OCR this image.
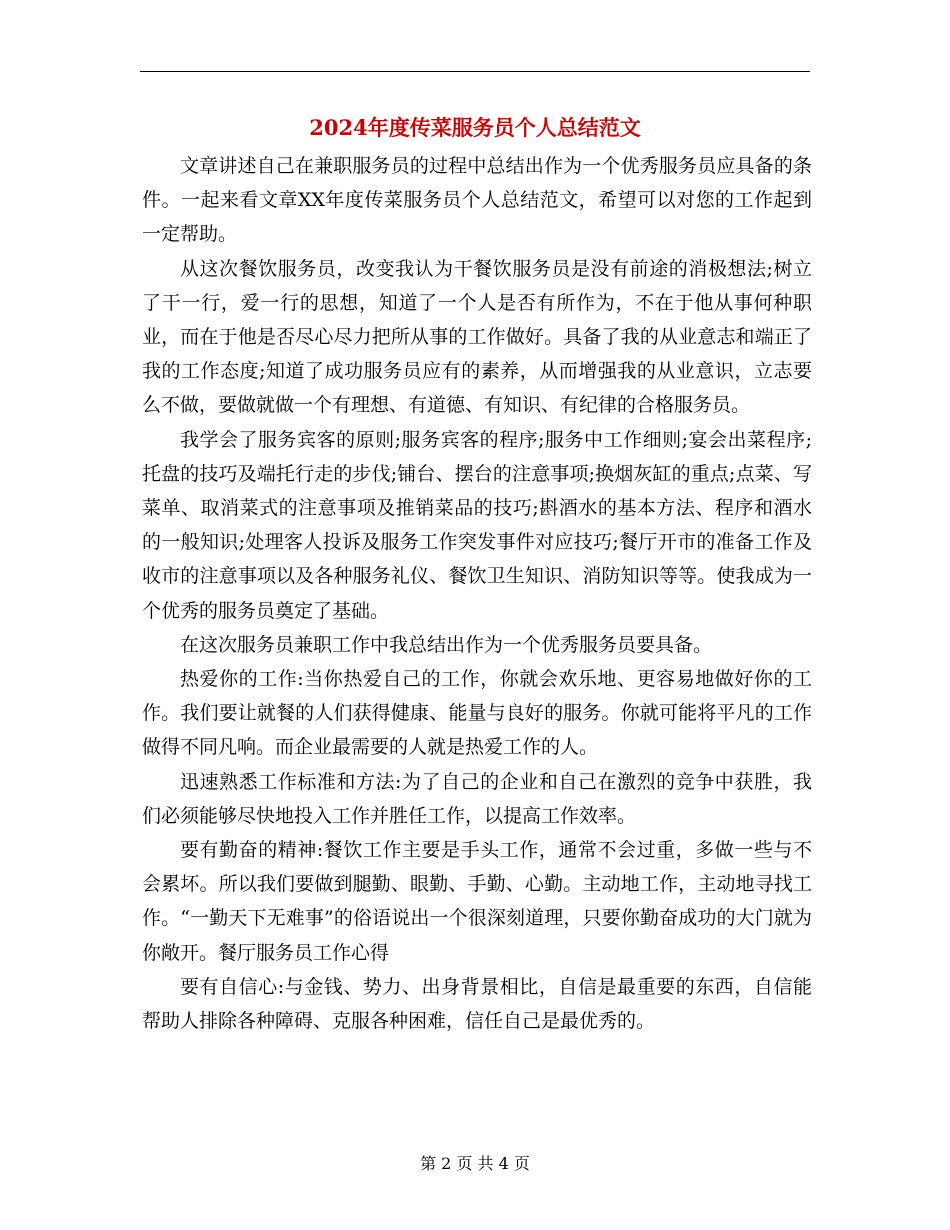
2024年度传菜服务员个人总结范文

文章讲述自己在兼职服务员的过程中总结出作为一个优秀服务员应具备的条件。一起来看文章XX年度传菜服务员个人总结范文，希望可以对您的工作起到一定帮助。

从这次餐饮服务员，改变我认为干餐饮服务员是没有前途的消极想法;树立了干一行，爱一行的思想，知道了一个人是否有所作为，不在于他从事何种职业，而在于他是否尽心尽力把所从事的工作做好。具备了我的从业意志和端正了我的工作态度;知道了成功服务员应有的素养，从而增强我的从业意识，立志要么不做，要做就做一个有理想、有道德、有知识、有纪律的合格服务员。

我学会了服务宾客的原则;服务宾客的程序;服务中工作细则;宴会出菜程序;托盘的技巧及端托行走的步伐;铺台、摆台的注意事项;换烟灰缸的重点;点菜、写菜单、取消菜式的注意事项及推销菜品的技巧;斟酒水的基本方法、程序和酒水的一般知识;处理客人投诉及服务工作突发事件对应技巧;餐厅开市的准备工作及收市的注意事项以及各种服务礼仪、餐饮卫生知识、消防知识等等。使我成为一个优秀的服务员奠定了基础。

在这次服务员兼职工作中我总结出作为一个优秀服务员要具备。

热爱你的工作:当你热爱自己的工作，你就会欢乐地、更容易地做好你的工作。我们要让就餐的人们获得健康、能量与良好的服务。你就可能将平凡的工作做得不同凡响。而企业最需要的人就是热爱工作的人。

迅速熟悉工作标准和方法:为了自己的企业和自己在激烈的竞争中获胜，我们必须能够尽快地投入工作并胜任工作，以提高工作效率。

要有勤奋的精神:餐饮工作主要是手头工作，通常不会过重，多做一些与不会累坏。所以我们要做到腿勤、眼勤、手勤、心勤。主动地工作，主动地寻找工作。“一勤天下无难事”的俗语说出一个很深刻道理，只要你勤奋成功的大门就为你敞开。餐厅服务员工作心得

要有自信心:与金钱、势力、出身背景相比，自信是最重要的东西，自信能帮助人排除各种障碍、克服各种困难，信任自己是最优秀的。

第 2 页 共 4 页
